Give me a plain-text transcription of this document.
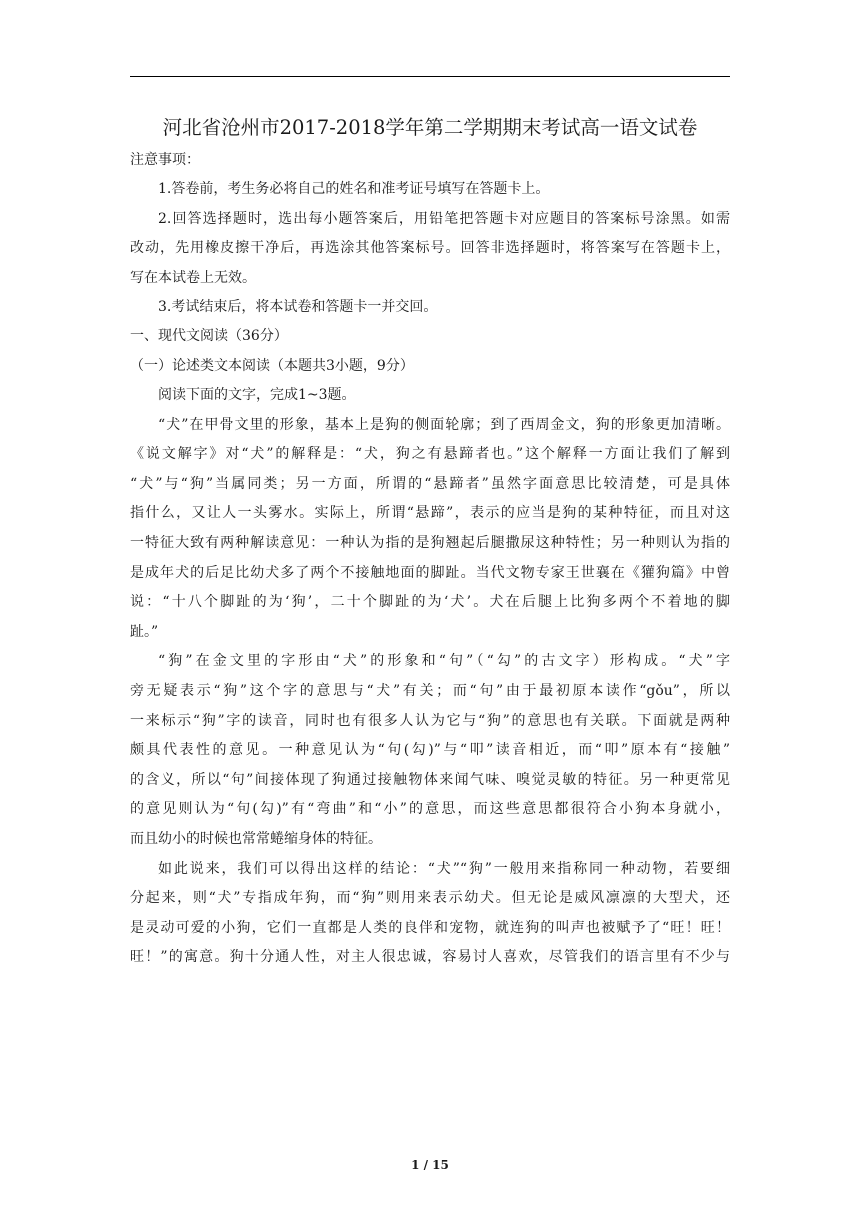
河北省沧州市2017-2018学年第二学期期末考试高一语文试卷
注意事项：
1.答卷前，考生务必将自己的姓名和准考证号填写在答题卡上。
2.回答选择题时，选出每小题答案后，用铅笔把答题卡对应题目的答案标号涂黑。如需
改动，先用橡皮擦干净后，再选涂其他答案标号。回答非选择题时，将答案写在答题卡上，
写在本试卷上无效。
3.考试结束后，将本试卷和答题卡一并交回。
一、现代文阅读（36分）
（一）论述类文本阅读（本题共3小题，9分）
阅读下面的文字，完成1~3题。
“犬”在甲骨文里的形象，基本上是狗的侧面轮廓；到了西周金文，狗的形象更加清晰。
《说文解字》对“犬”的解释是：“犬，狗之有悬蹄者也。”这个解释一方面让我们了解到
“犬”与“狗”当属同类；另一方面，所谓的“悬蹄者”虽然字面意思比较清楚，可是具体
指什么，又让人一头雾水。实际上，所谓“悬蹄”，表示的应当是狗的某种特征，而且对这
一特征大致有两种解读意见：一种认为指的是狗翘起后腿撒尿这种特性；另一种则认为指的
是成年犬的后足比幼犬多了两个不接触地面的脚趾。当代文物专家王世襄在《獾狗篇》中曾
说：“十八个脚趾的为‘狗’，二十个脚趾的为‘犬’。犬在后腿上比狗多两个不着地的脚
趾。”
“狗”在金文里的字形由“犬”的形象和“句”（“勾”的古文字）形构成。“犬”字
旁无疑表示“狗”这个字的意思与“犬”有关；而“句”由于最初原本读作“gǒu”，所以
一来标示“狗”字的读音，同时也有很多人认为它与“狗”的意思也有关联。下面就是两种
颇具代表性的意见。一种意见认为“句(勾)”与“叩”读音相近，而“叩”原本有“接触”
的含义，所以“句”间接体现了狗通过接触物体来闻气味、嗅觉灵敏的特征。另一种更常见
的意见则认为“句(勾)”有“弯曲”和“小”的意思，而这些意思都很符合小狗本身就小，
而且幼小的时候也常常蜷缩身体的特征。
如此说来，我们可以得出这样的结论：“犬”“狗”一般用来指称同一种动物，若要细
分起来，则“犬”专指成年狗，而“狗”则用来表示幼犬。但无论是威风凛凛的大型犬，还
是灵动可爱的小狗，它们一直都是人类的良伴和宠物，就连狗的叫声也被赋予了“旺！旺！
旺！”的寓意。狗十分通人性，对主人很忠诚，容易讨人喜欢，尽管我们的语言里有不少与
1 / 15
